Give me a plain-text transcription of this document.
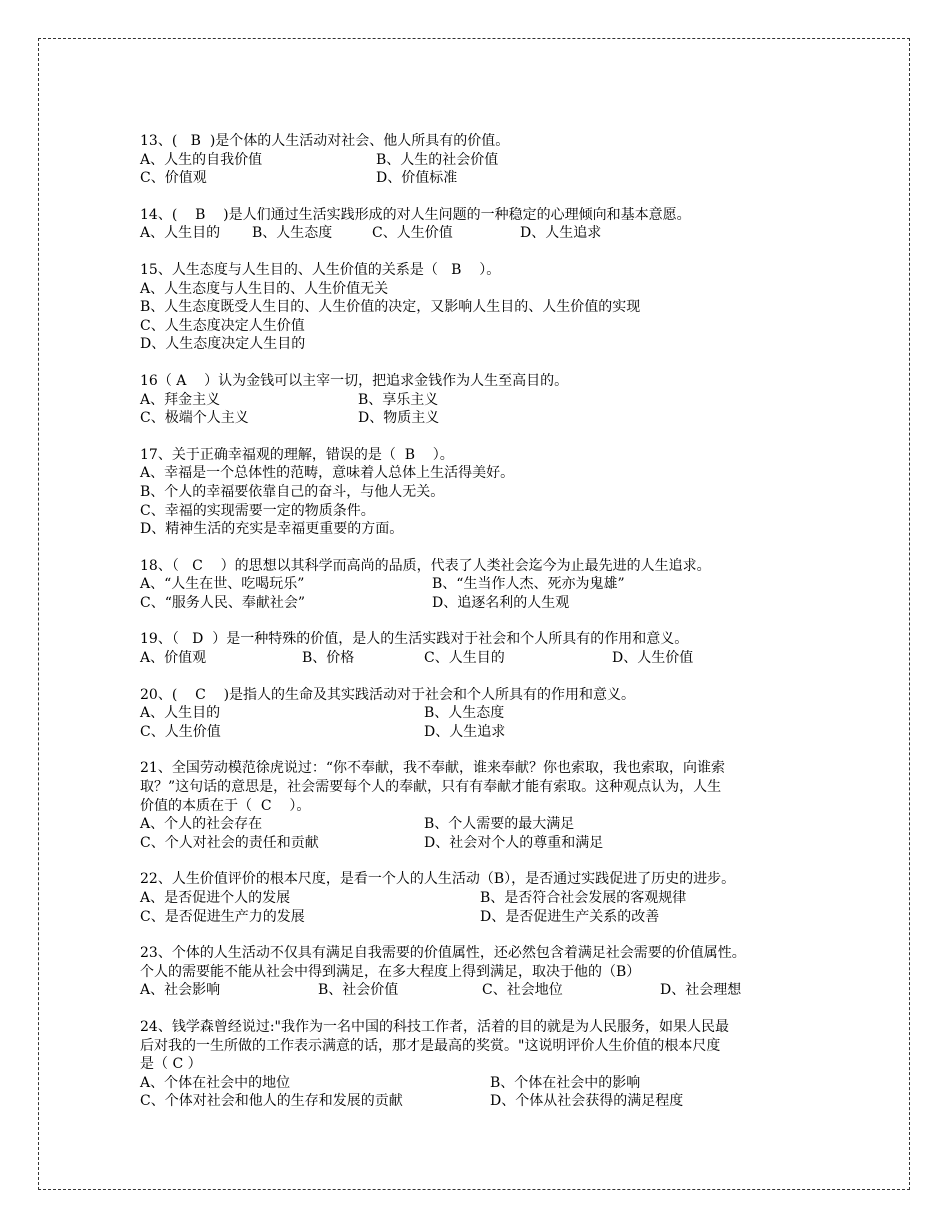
13、(   B  )是个体的人生活动对社会、他人所具有的价值。
A、人生的自我价值	B、人生的社会价值
C、价值观	D、价值标准
14、(    B    )是人们通过生活实践形成的对人生问题的一种稳定的心理倾向和基本意愿。
A、人生目的 B、人生态度	C、人生价值	D、人生追求
15、人生态度与人生目的、人生价值的关系是（   B    ）。
A、人生态度与人生目的、人生价值无关
B、人生态度既受人生目的、人生价值的决定，又影响人生目的、人生价值的实现
C、人生态度决定人生价值
D、人生态度决定人生目的
16（ A    ）认为金钱可以主宰一切，把追求金钱作为人生至高目的。
A、拜金主义	B、享乐主义
C、极端个人主义	D、物质主义
17、关于正确幸福观的理解，错误的是（  B    ）。
A、幸福是一个总体性的范畴，意味着人总体上生活得美好。
B、个人的幸福要依靠自己的奋斗，与他人无关。
C、幸福的实现需要一定的物质条件。
D、精神生活的充实是幸福更重要的方面。
18、（   C    ）的思想以其科学而高尚的品质，代表了人类社会迄今为止最先进的人生追求。
A、“人生在世、吃喝玩乐”	B、“生当作人杰、死亦为鬼雄”
C、“服务人民、奉献社会”	D、追逐名利的人生观
19、（   D  ）是一种特殊的价值，是人的生活实践对于社会和个人所具有的作用和意义。
A、价值观	B、价格	C、人生目的	D、人生价值
20、(    C    )是指人的生命及其实践活动对于社会和个人所具有的作用和意义。
A、人生目的	B、人生态度
C、人生价值	D、人生追求
21、全国劳动模范徐虎说过：“你不奉献，我不奉献，谁来奉献？你也索取，我也索取，向谁索
取？”这句话的意思是，社会需要每个人的奉献，只有有奉献才能有索取。这种观点认为，人生
价值的本质在于（  C    ）。
A、个人的社会存在	B、个人需要的最大满足
C、个人对社会的责任和贡献	D、社会对个人的尊重和满足
22、人生价值评价的根本尺度，是看一个人的人生活动（B），是否通过实践促进了历史的进步。
A、是否促进个人的发展	B、是否符合社会发展的客观规律
C、是否促进生产力的发展	D、是否促进生产关系的改善
23、个体的人生活动不仅具有满足自我需要的价值属性，还必然包含着满足社会需要的价值属性。
个人的需要能不能从社会中得到满足，在多大程度上得到满足，取决于他的（B）
A、社会影响	B、社会价值	C、社会地位	D、社会理想
24、钱学森曾经说过:"我作为一名中国的科技工作者，活着的目的就是为人民服务，如果人民最
后对我的一生所做的工作表示满意的话，那才是最高的奖赏。"这说明评价人生价值的根本尺度
是（ C ）
A、个体在社会中的地位	B、个体在社会中的影响
C、个体对社会和他人的生存和发展的贡献	D、个体从社会获得的满足程度
